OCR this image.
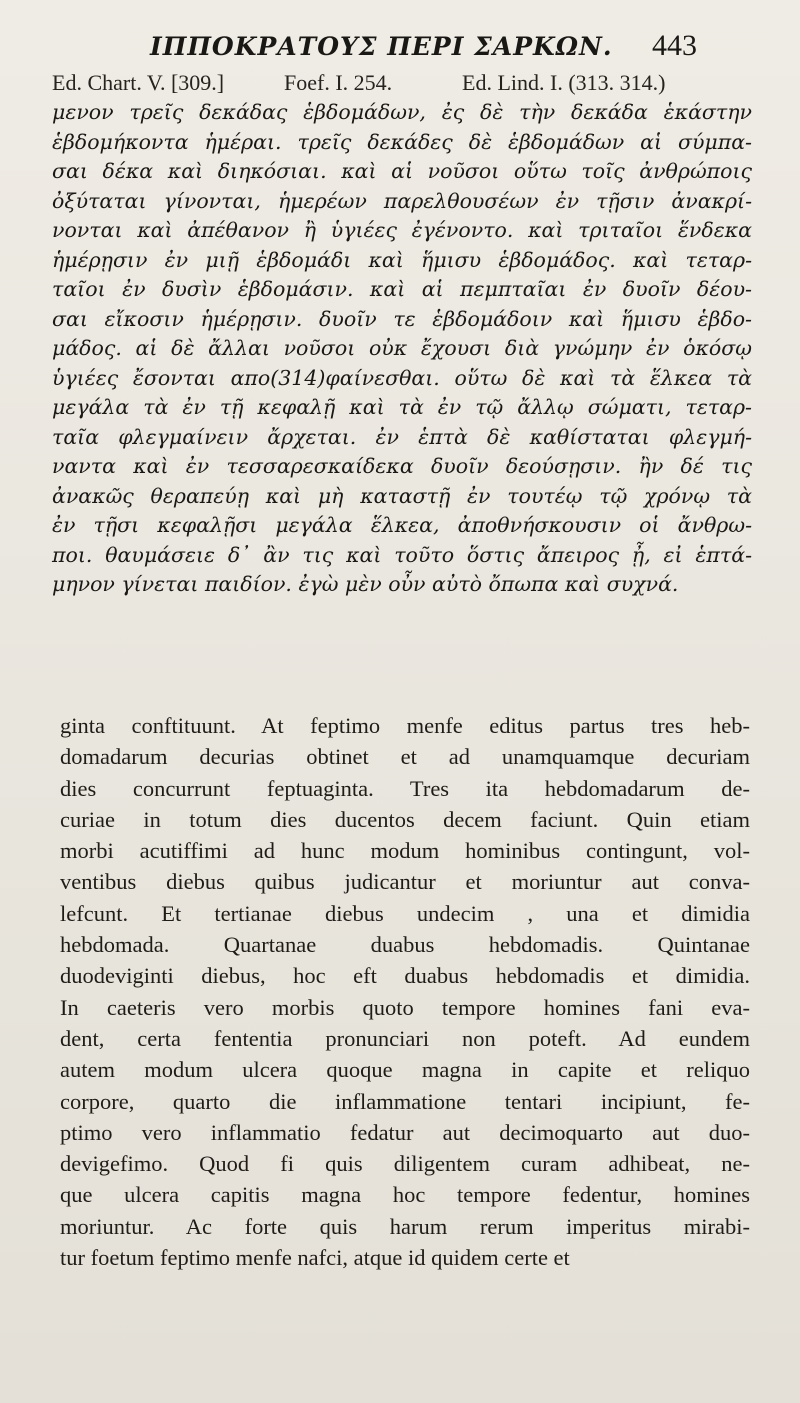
ΙΠΠΟΚΡΑΤΟΥΣ ΠΕΡΙ ΣΑΡΚΩΝ. 443
Ed. Chart. V. [309.]	Foef. I. 254.	Ed. Lind. I. (313. 314.)
μενον τρεῖς δεκάδας ἑβδομάδων, ἐς δὲ τὴν δεκάδα ἑκάστην
ἑβδομήκοντα ἡμέραι. τρεῖς δεκάδες δὲ ἑβδομάδων αἱ σύμπα-
σαι δέκα καὶ διηκόσιαι. καὶ αἱ νοῦσοι οὕτω τοῖς ἀνθρώποις
ὀξύταται γίνονται, ἡμερέων παρελθουσέων ἐν τῇσιν ἀνακρί-
νονται καὶ ἀπέθανον ἢ ὑγιέες ἐγένοντο. καὶ τριταῖοι ἕνδεκα
ἡμέρῃσιν ἐν μιῇ ἑβδομάδι καὶ ἥμισυ ἑβδομάδος. καὶ τεταρ-
ταῖοι ἐν δυσὶν ἑβδομάσιν. καὶ αἱ πεμπταῖαι ἐν δυοῖν δέου-
σαι εἴκοσιν ἡμέρῃσιν. δυοῖν τε ἑβδομάδοιν καὶ ἥμισυ ἑβδο-
μάδος. αἱ δὲ ἄλλαι νοῦσοι οὐκ ἔχουσι διὰ γνώμην ἐν ὁκόσῳ
ὑγιέες ἔσονται απο(314)φαίνεσθαι. οὕτω δὲ καὶ τὰ ἕλκεα τὰ
μεγάλα τὰ ἐν τῇ κεφαλῇ καὶ τὰ ἐν τῷ ἄλλῳ σώματι, τεταρ-
ταῖα φλεγμαίνειν ἄρχεται. ἐν ἑπτὰ δὲ καθίσταται φλεγμή-
ναντα καὶ ἐν τεσσαρεσκαίδεκα δυοῖν δεούσῃσιν. ἢν δέ τις
ἀνακῶς θεραπεύῃ καὶ μὴ καταστῇ ἐν τουτέῳ τῷ χρόνῳ τὰ
ἐν τῇσι κεφαλῇσι μεγάλα ἕλκεα, ἀποθνήσκουσιν οἱ ἄνθρω-
ποι. θαυμάσειε δ᾽ ἂν τις καὶ τοῦτο ὅστις ἄπειρος ᾖ, εἰ ἑπτά-
μηνον γίνεται παιδίον. ἐγὼ μὲν οὖν αὐτὸ ὄπωπα καὶ συχνά.
ginta conftituunt. At feptimo menfe editus partus tres heb-
domadarum decurias obtinet et ad unamquamque decuriam
dies concurrunt feptuaginta. Tres ita hebdomadarum de-
curiae in totum dies ducentos decem faciunt. Quin etiam
morbi acutiffimi ad hunc modum hominibus contingunt, vol-
ventibus diebus quibus judicantur et moriuntur aut conva-
lefcunt. Et tertianae diebus undecim , una et dimidia
hebdomada. Quartanae duabus hebdomadis. Quintanae
duodeviginti diebus, hoc eft duabus hebdomadis et dimidia.
In caeteris vero morbis quoto tempore homines fani eva-
dent, certa fententia pronunciari non poteft. Ad eundem
autem modum ulcera quoque magna in capite et reliquo
corpore, quarto die inflammatione tentari incipiunt, fe-
ptimo vero inflammatio fedatur aut decimoquarto aut duo-
devigefimo. Quod fi quis diligentem curam adhibeat, ne-
que ulcera capitis magna hoc tempore fedentur, homines
moriuntur. Ac forte quis harum rerum imperitus mirabi-
tur foetum feptimo menfe nafci, atque id quidem certe et
